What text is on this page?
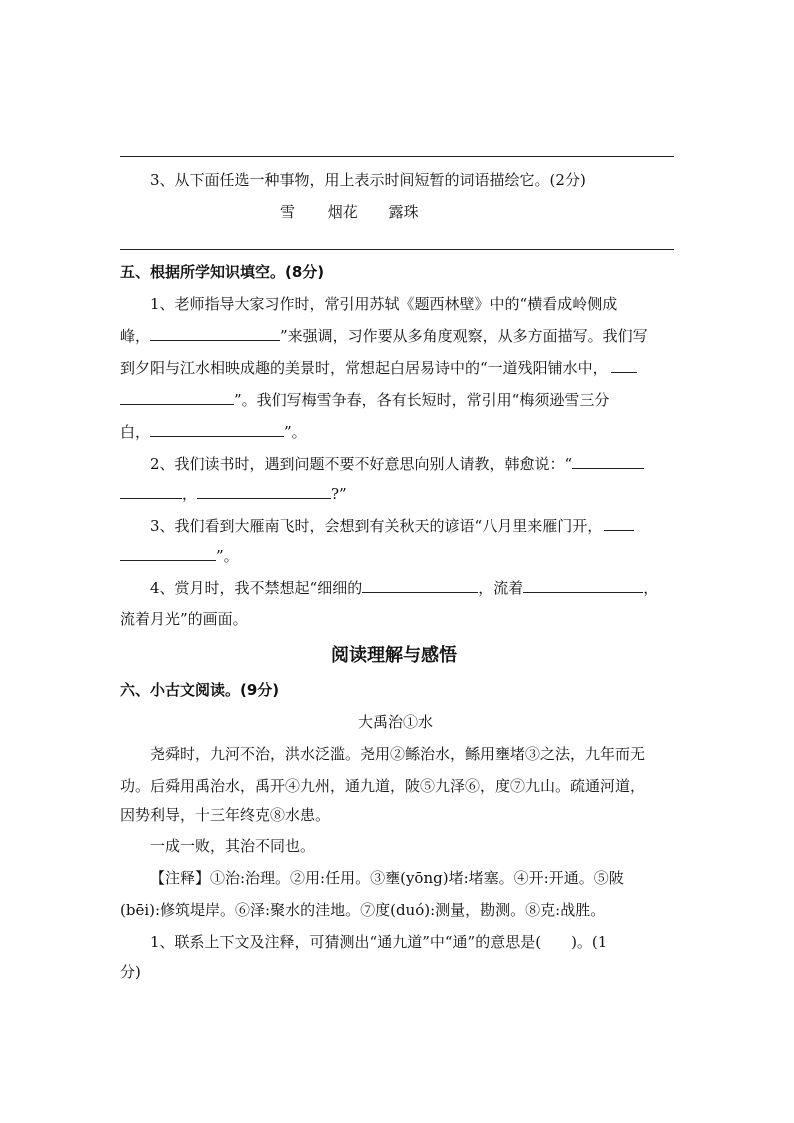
3、从下面任选一种事物，用上表示时间短暂的词语描绘它。(2分)
雪 烟花 露珠
五、根据所学知识填空。(8分)
1、老师指导大家习作时，常引用苏轼《题西林壁》中的“横看成岭侧成
峰，	”来强调，习作要从多角度观察，从多方面描写。我们写
到夕阳与江水相映成趣的美景时，常想起白居易诗中的“一道残阳铺水中，
”。我们写梅雪争春，各有长短时，常引用“梅须逊雪三分
白，	”。
2、我们读书时，遇到问题不要不好意思向别人请教，韩愈说：“
，	?”
3、我们看到大雁南飞时，会想到有关秋天的谚语“八月里来雁门开，
”。
4、赏月时，我不禁想起“细细的	，流着	，
流着月光”的画面。
阅读理解与感悟
六、小古文阅读。(9分)
大禹治①水
尧舜时，九河不治，洪水泛滥。尧用②鲧治水，鲧用壅堵③之法，九年而无
功。后舜用禹治水，禹开④九州，通九道，陂⑤九泽⑥，度⑦九山。疏通河道，
因势利导，十三年终克⑧水患。
一成一败，其治不同也。
【注释】①治:治理。②用:任用。③壅(yōng)堵:堵塞。④开:开通。⑤陂
(bēi):修筑堤岸。⑥泽:聚水的洼地。⑦度(duó):测量，勘测。⑧克:战胜。
1、联系上下文及注释，可猜测出“通九道”中“通”的意思是(　　)。(1
分)
